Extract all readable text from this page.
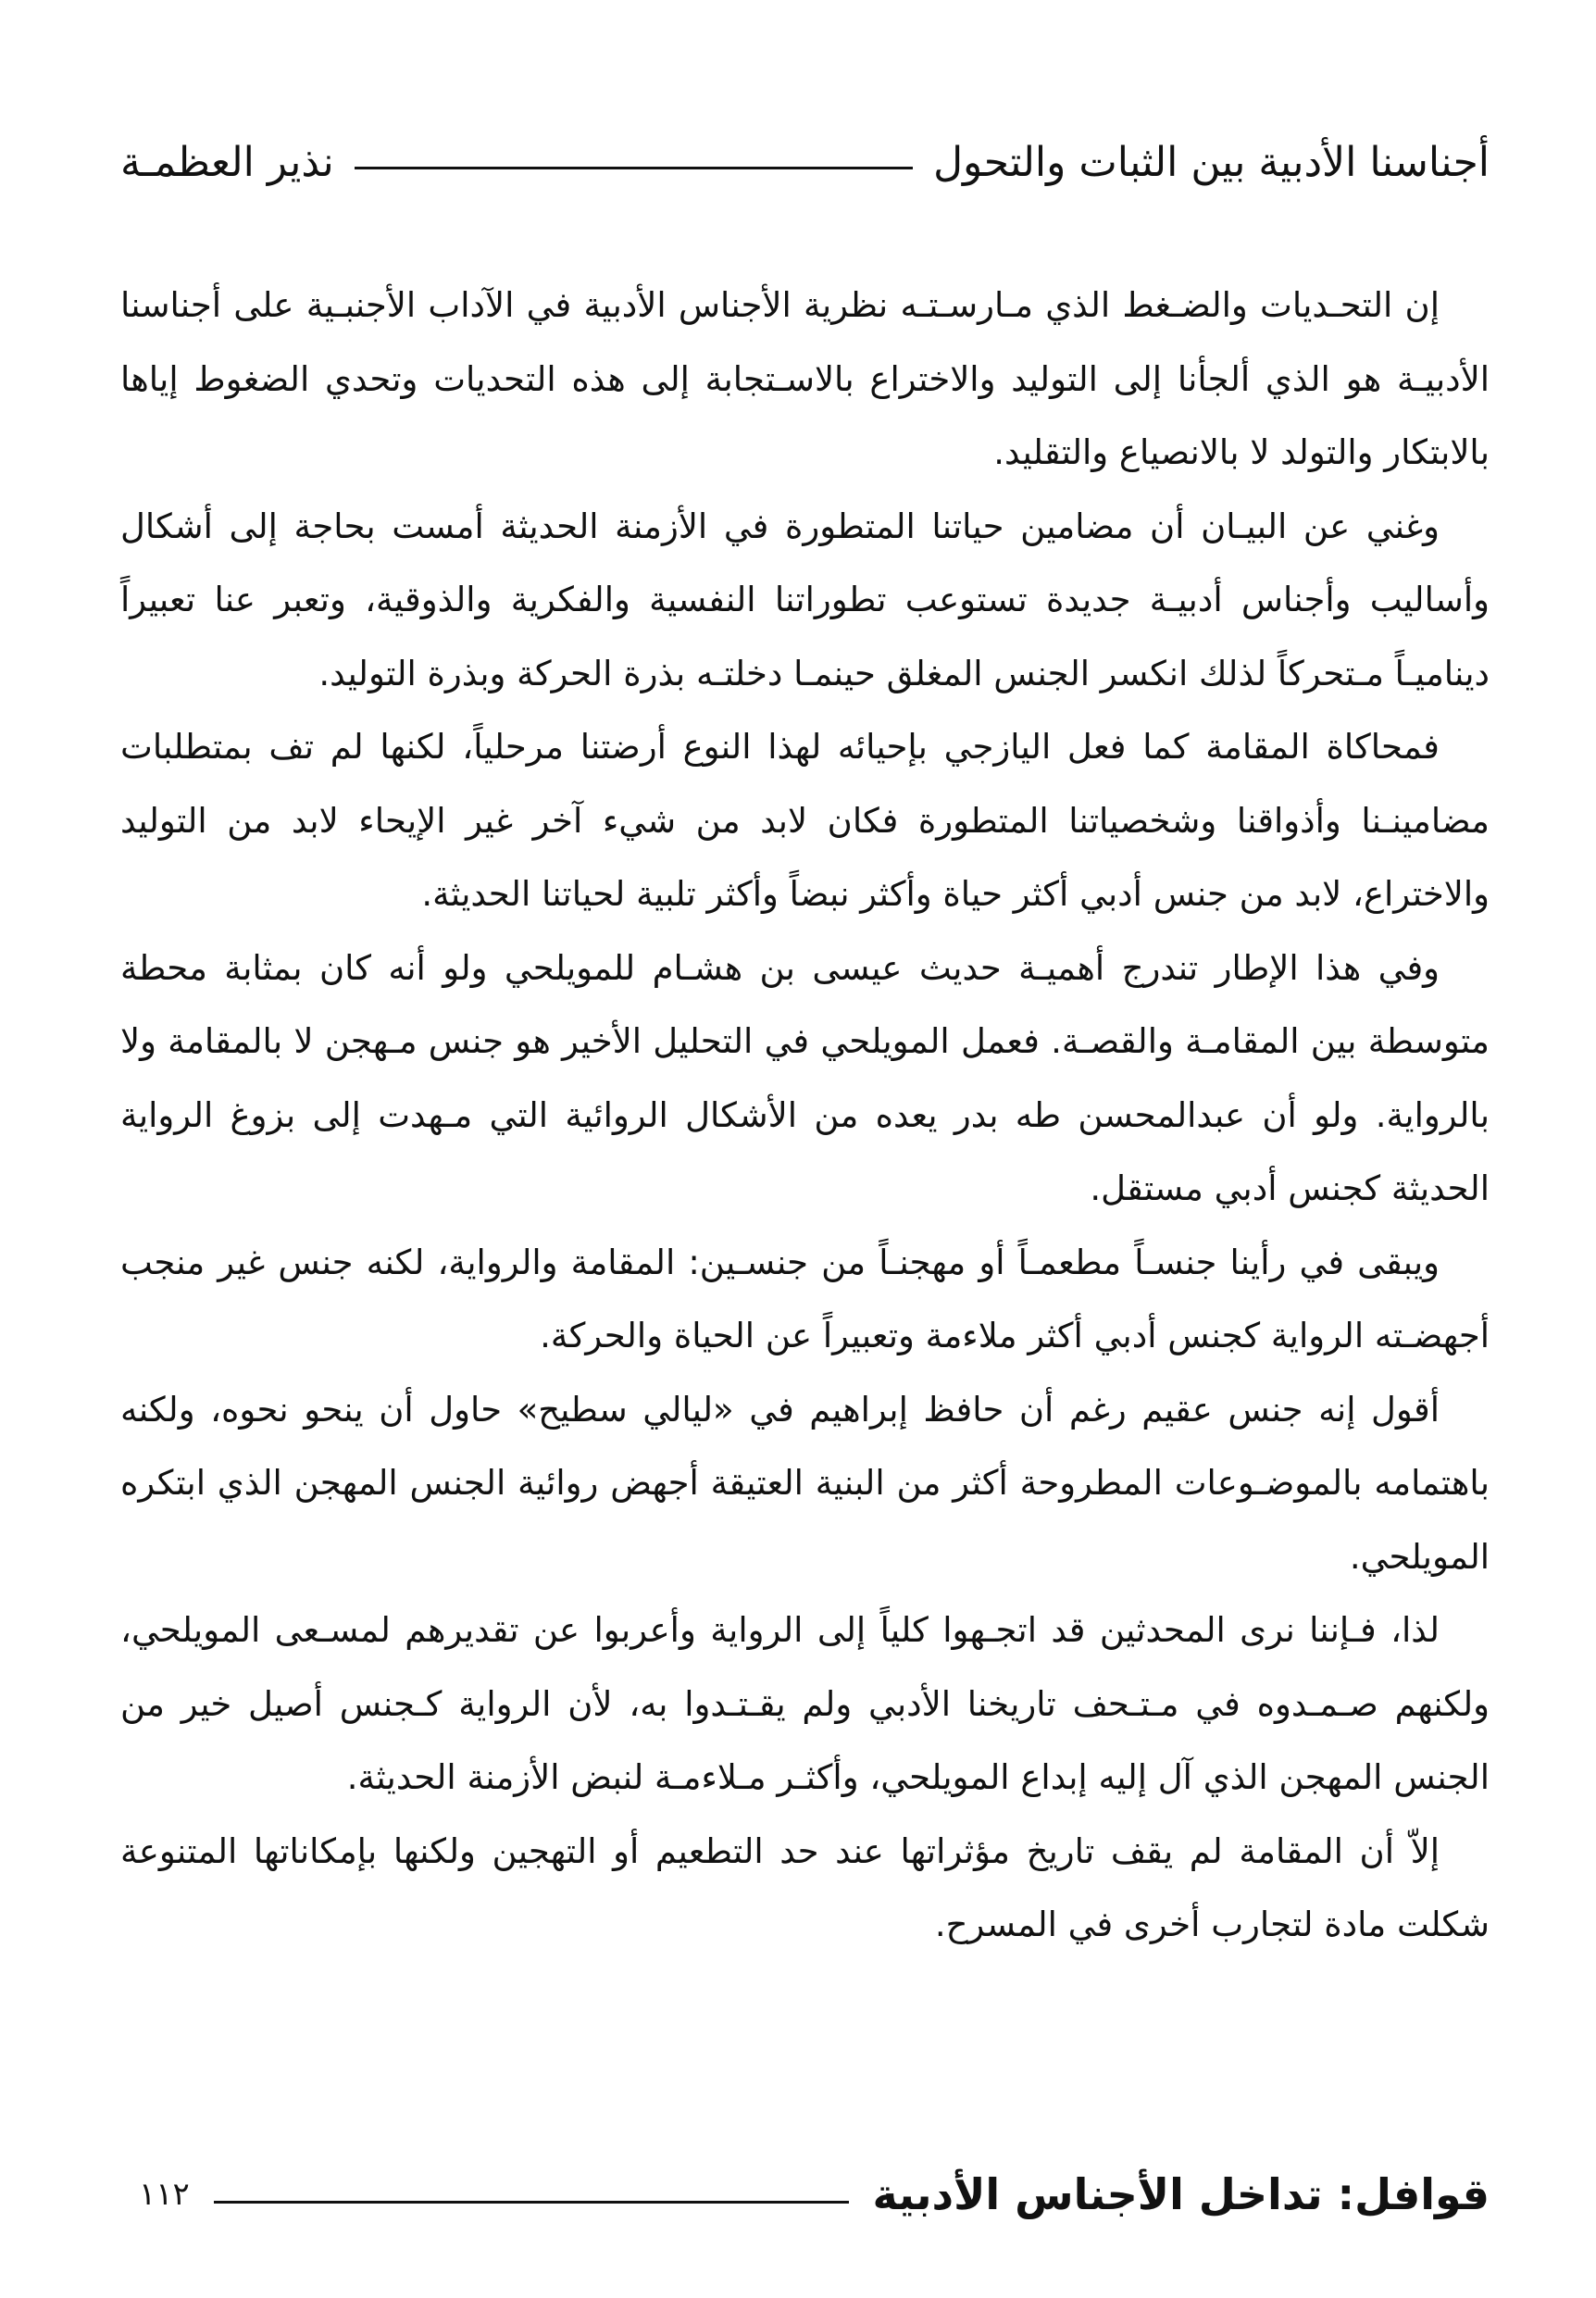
أجناسنا الأدبية بين الثبات والتحول
نذير العظمـة

إن التحـديات والضـغط الذي مـارسـتـه نظرية الأجناس الأدبية في الآداب الأجنبـية على أجناسنا الأدبيـة هو الذي ألجأنا إلى التوليد والاختراع بالاسـتجابة إلى هذه التحديات وتحدي الضغوط إياها بالابتكار والتولد لا بالانصياع والتقليد.

وغني عن البيـان أن مضامين حياتنا المتطورة في الأزمنة الحديثة أمست بحاجة إلى أشكال وأساليب وأجناس أدبيـة جديدة تستوعب تطوراتنا النفسية والفكرية والذوقية، وتعبر عنا تعبيراً ديناميـاً مـتحركاً لذلك انكسر الجنس المغلق حينمـا دخلتـه بذرة الحركة وبذرة التوليد.

فمحاكاة المقامة كما فعل اليازجي بإحيائه لهذا النوع أرضتنا مرحلياً، لكنها لم تف بمتطلبات مضامينـنا وأذواقنا وشخصياتنا المتطورة فكان لابد من شيء آخر غير الإيحاء لابد من التوليد والاختراع، لابد من جنس أدبي أكثر حياة وأكثر نبضاً وأكثر تلبية لحياتنا الحديثة.

وفي هذا الإطار تندرج أهميـة حديث عيسى بن هشـام للمويلحي ولو أنه كان بمثابة محطة متوسطة بين المقامـة والقصـة. فعمل المويلحي في التحليل الأخير هو جنس مـهجن لا بالمقامة ولا بالرواية. ولو أن عبدالمحسن طه بدر يعده من الأشكال الروائية التي مـهدت إلى بزوغ الرواية الحديثة كجنس أدبي مستقل.

ويبقى في رأينا جنسـاً مطعمـاً أو مهجنـاً من جنسـين: المقامة والرواية، لكنه جنس غير منجب أجهضـته الرواية كجنس أدبي أكثر ملاءمة وتعبيراً عن الحياة والحركة.

أقول إنه جنس عقيم رغم أن حافظ إبراهيم في «ليالي سطيح» حاول أن ينحو نحوه، ولكنه باهتمامه بالموضـوعات المطروحة أكثر من البنية العتيقة أجهض روائية الجنس المهجن الذي ابتكره المويلحي.

لذا، فـإننا نرى المحدثين قد اتجـهوا كلياً إلى الرواية وأعربوا عن تقديرهم لمسـعى المويلحي، ولكنهم صـمـدوه في مـتـحف تاريخنا الأدبي ولم يقـتـدوا به، لأن الرواية كـجنس أصيل خير من الجنس المهجن الذي آل إليه إبداع المويلحي، وأكثـر مـلاءمـة لنبض الأزمنة الحديثة.

إلاّ أن المقامة لم يقف تاريخ مؤثراتها عند حد التطعيم أو التهجين ولكنها بإمكاناتها المتنوعة شكلت مادة لتجارب أخرى في المسرح.

قوافل: تداخل الأجناس الأدبية
١١٢
